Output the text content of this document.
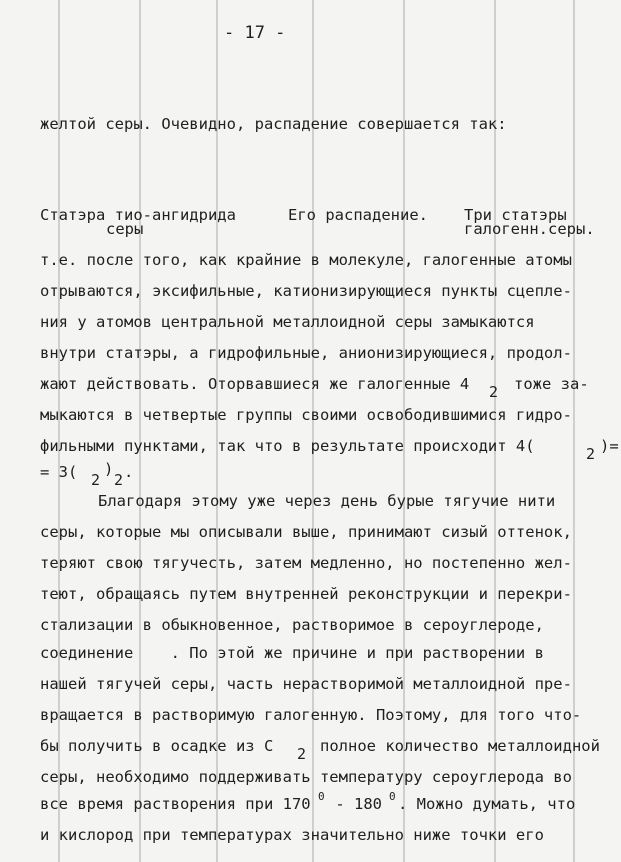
- 17 -
желтой серы. Очевидно, распадение совершается так:
Статэра тио-ангидрида
серы
Его распадение. Три статэры
галогенн.серы.
т.е. после того, как крайние в молекуле, галогенные атомы
отрываются, эксифильные, катионизирующиеся пункты сцепле-
ния у атомов центральной металлоидной серы замыкаются
внутри статэры, а гидрофильные, анионизирующиеся, продол-
жают действовать. Оторвавшиеся же галогенные 4 2 тоже за-
мыкаются в четвертые группы своими освободившимися гидро-
фильными пунктами, так что в результате происходит 4(	2 )=
= 3( 2
)
2 .
Благодаря этому уже через день бурые тягучие нити
серы, которые мы описывали выше, принимают сизый оттенок,
теряют свою тягучесть, затем медленно, но постепенно жел-
теют, обращаясь путем внутренней реконструкции и перекри-
стализации в обыкновенное, растворимое в сероуглероде,
соединение    . По этой же причине и при растворении в
нашей тягучей серы, часть нерастворимой металлоидной пре-
вращается в растворимую галогенную. Поэтому, для того что-
бы получить в осадке из С 2 полное количество металлоидной
серы, необходимо поддерживать температуру сероуглерода во
все время растворения при 170 0 - 180 0 . Можно думать, что
и кислород при температурах значительно ниже точки его
